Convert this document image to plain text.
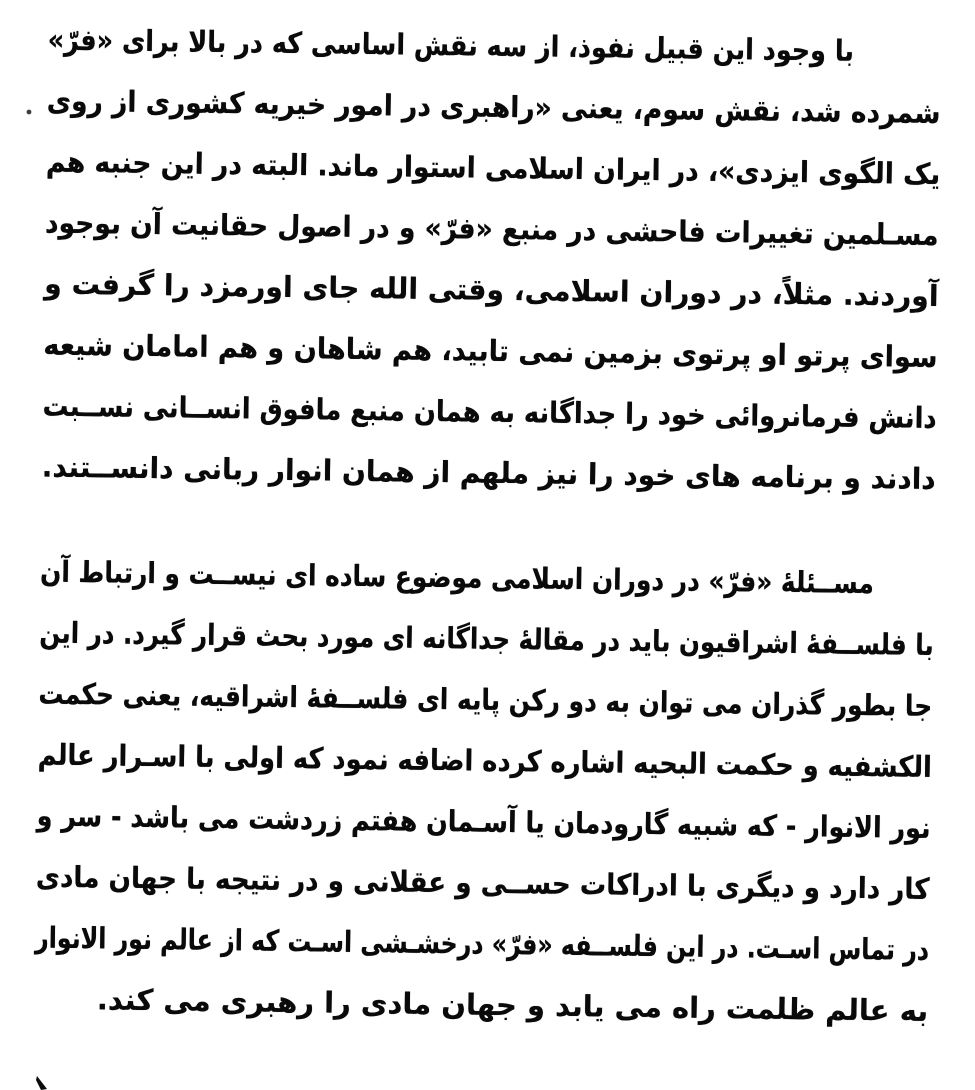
با وجود این قبیل نفوذ، از سه نقش اساسی که در بالا برای «فرّ»
شمرده شد، نقش سوم، یعنی «راهبری در امور خیریه کشوری از روی
یک الگوی ایزدی»، در ایران اسلامی استوار ماند. البته در این جنبه هم
مسـلمین تغییرات فاحشی در منبع «فرّ» و در اصول حقانیت آن بوجود
آوردند. مثلاً، در دوران اسلامی، وقتی الله جای اورمزد را گرفت و
سوای پرتو او پرتوی بزمین نمی تابید، هم شاهان و هم امامان شیعه
دانش فرمانروائی خود را جداگانه به همان منبع مافوق انســانی نســبت
دادند و برنامه های خود را نیز ملهم از همان انوار ربانی دانســتند.
مســئلهٔ «فرّ» در دوران اسلامی موضوع ساده ای نیســت و ارتباط آن
با فلســفهٔ اشراقیون باید در مقالهٔ جداگانه ای مورد بحث قرار گیرد. در این
جا بطور گذران می توان به دو رکن پایه ای فلســفهٔ اشراقیه، یعنی حکمت
الکشفیه و حکمت البحیه اشاره کرده اضافه نمود که اولی با اسـرار عالم
نور الانوار - که شبیه گارودمان یا آسـمان هفتم زردشت می باشد - سر و
کار دارد و دیگری با ادراکات حســی و عقلانی و در نتیجه با جهان مادی
در تماس اسـت. در این فلســفه «فرّ» درخشـشی اسـت که از عالم نور الانوار
به عالم ظلمت راه می یابد و جهان مادی را رهبری می کند.
